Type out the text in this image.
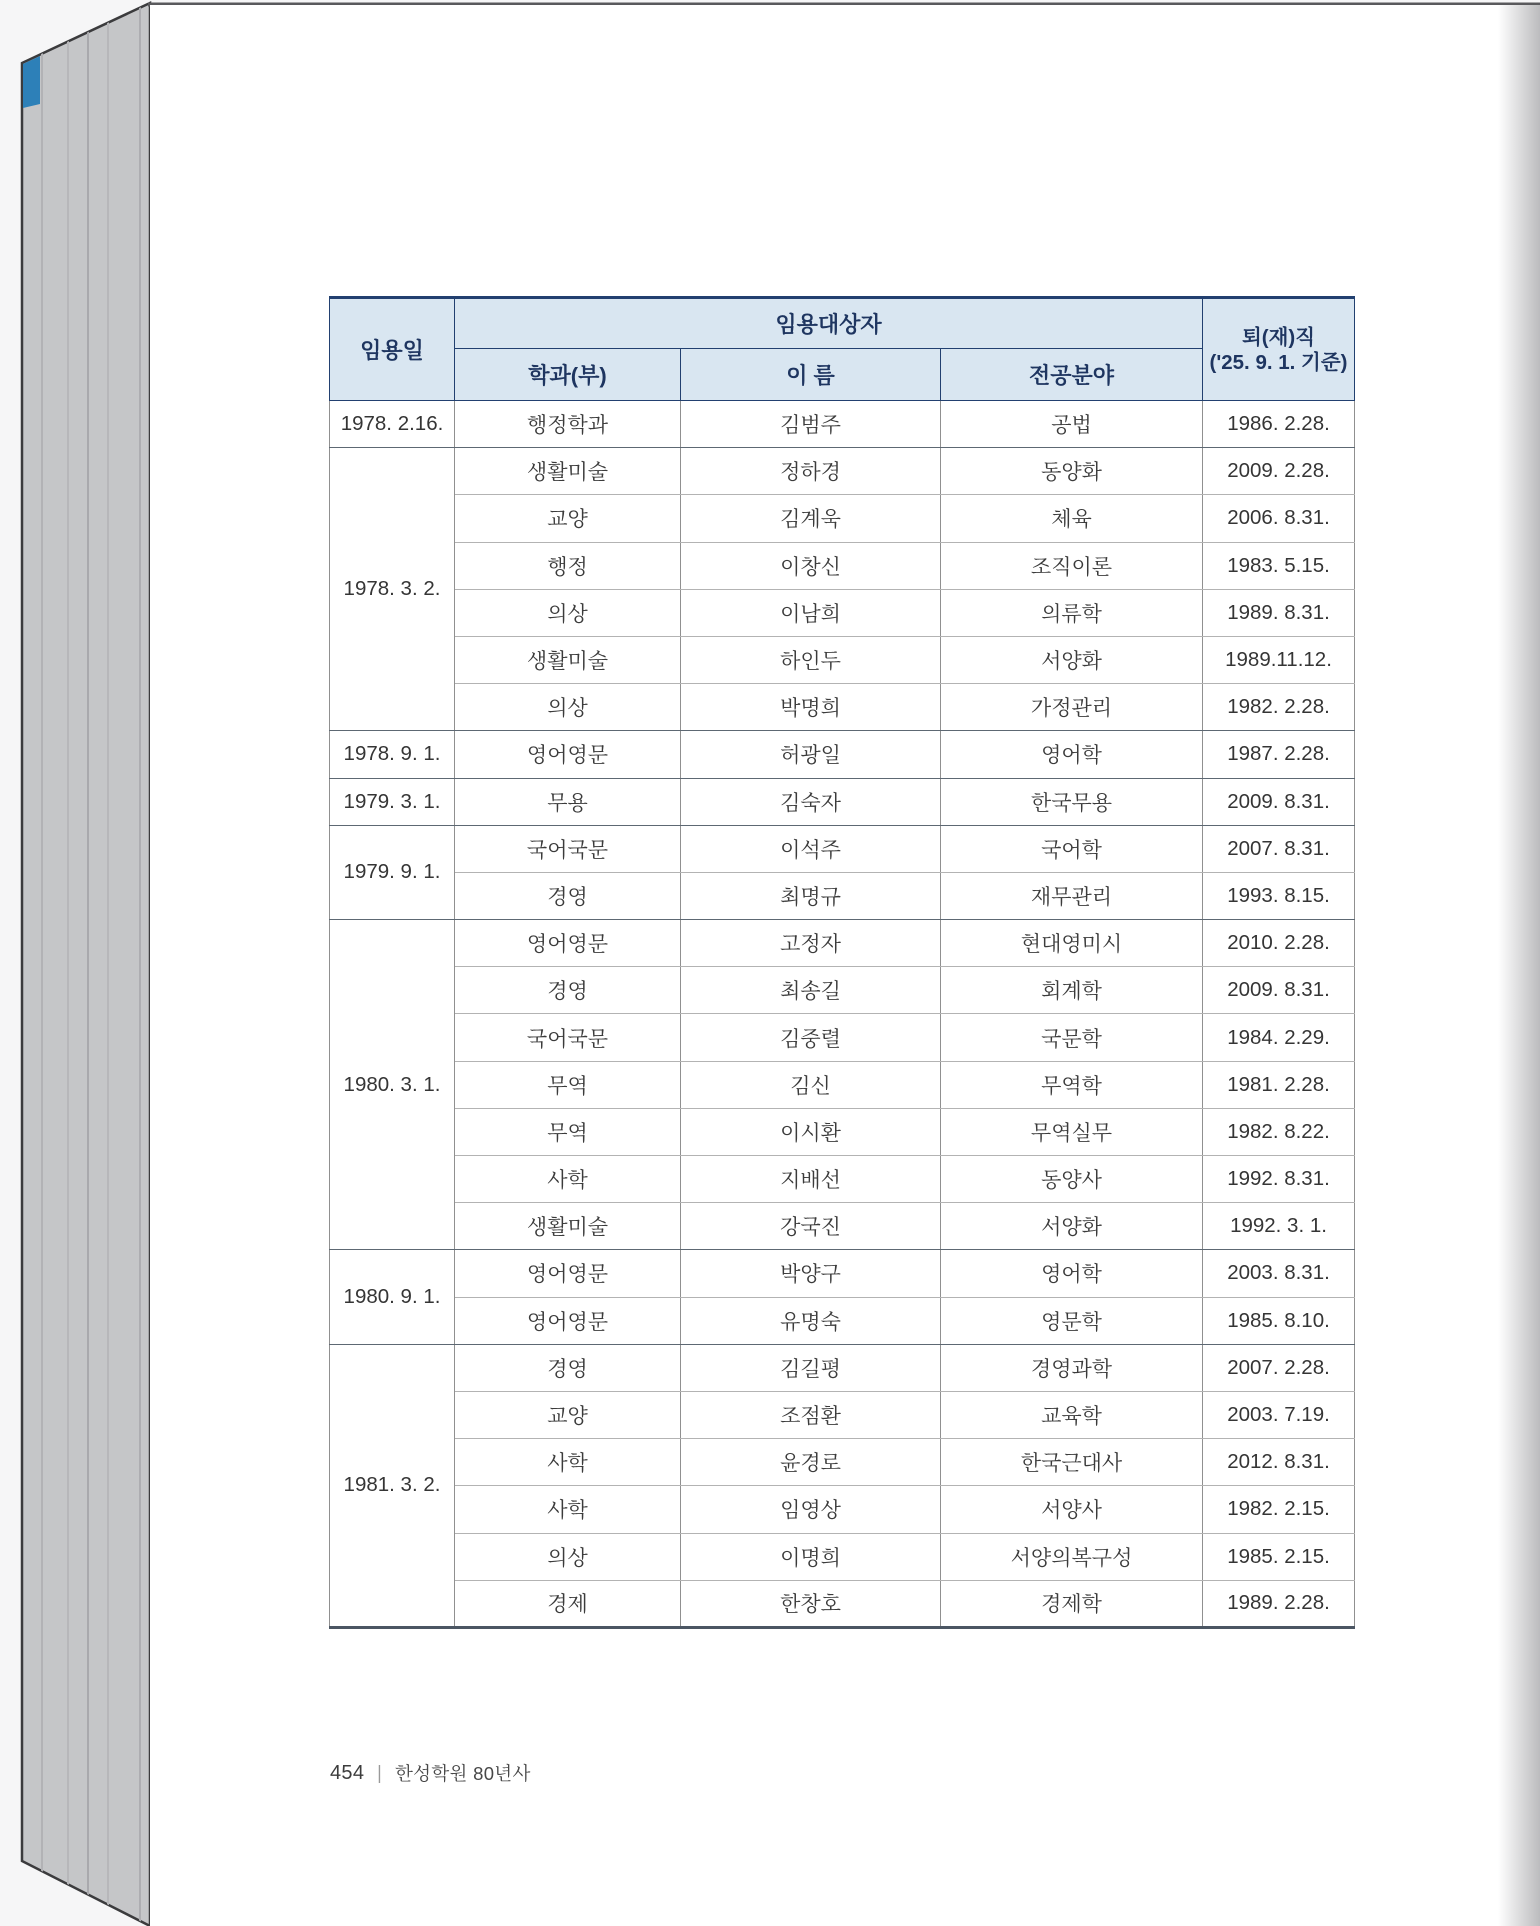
임용일	임용대상자			퇴(재)직
('25. 9. 1. 기준)

	학과(부)	이 름	전공분야	
1978. 2.16.	행정학과	김범주	공법	1986. 2.28.
1978. 3. 2.	생활미술	정하경	동양화	2009. 2.28.
	교양	김계욱	체육	2006. 8.31.
	행정	이창신	조직이론	1983. 5.15.
	의상	이남희	의류학	1989. 8.31.
	생활미술	하인두	서양화	1989.11.12.
	의상	박명희	가정관리	1982. 2.28.
1978. 9. 1.	영어영문	허광일	영어학	1987. 2.28.
1979. 3. 1.	무용	김숙자	한국무용	2009. 8.31.
1979. 9. 1.	국어국문	이석주	국어학	2007. 8.31.
	경영	최명규	재무관리	1993. 8.15.
1980. 3. 1.	영어영문	고정자	현대영미시	2010. 2.28.
	경영	최송길	회계학	2009. 8.31.
	국어국문	김중렬	국문학	1984. 2.29.
	무역	김신	무역학	1981. 2.28.
	무역	이시환	무역실무	1982. 8.22.
	사학	지배선	동양사	1992. 8.31.
	생활미술	강국진	서양화	1992. 3. 1.
1980. 9. 1.	영어영문	박양구	영어학	2003. 8.31.
	영어영문	유명숙	영문학	1985. 8.10.
1981. 3. 2.	경영	김길평	경영과학	2007. 2.28.
	교양	조점환	교육학	2003. 7.19.
	사학	윤경로	한국근대사	2012. 8.31.
	사학	임영상	서양사	1982. 2.15.
	의상	이명희	서양의복구성	1985. 2.15.
	경제	한창호	경제학	1989. 2.28.
454 | 한성학원 80년사
